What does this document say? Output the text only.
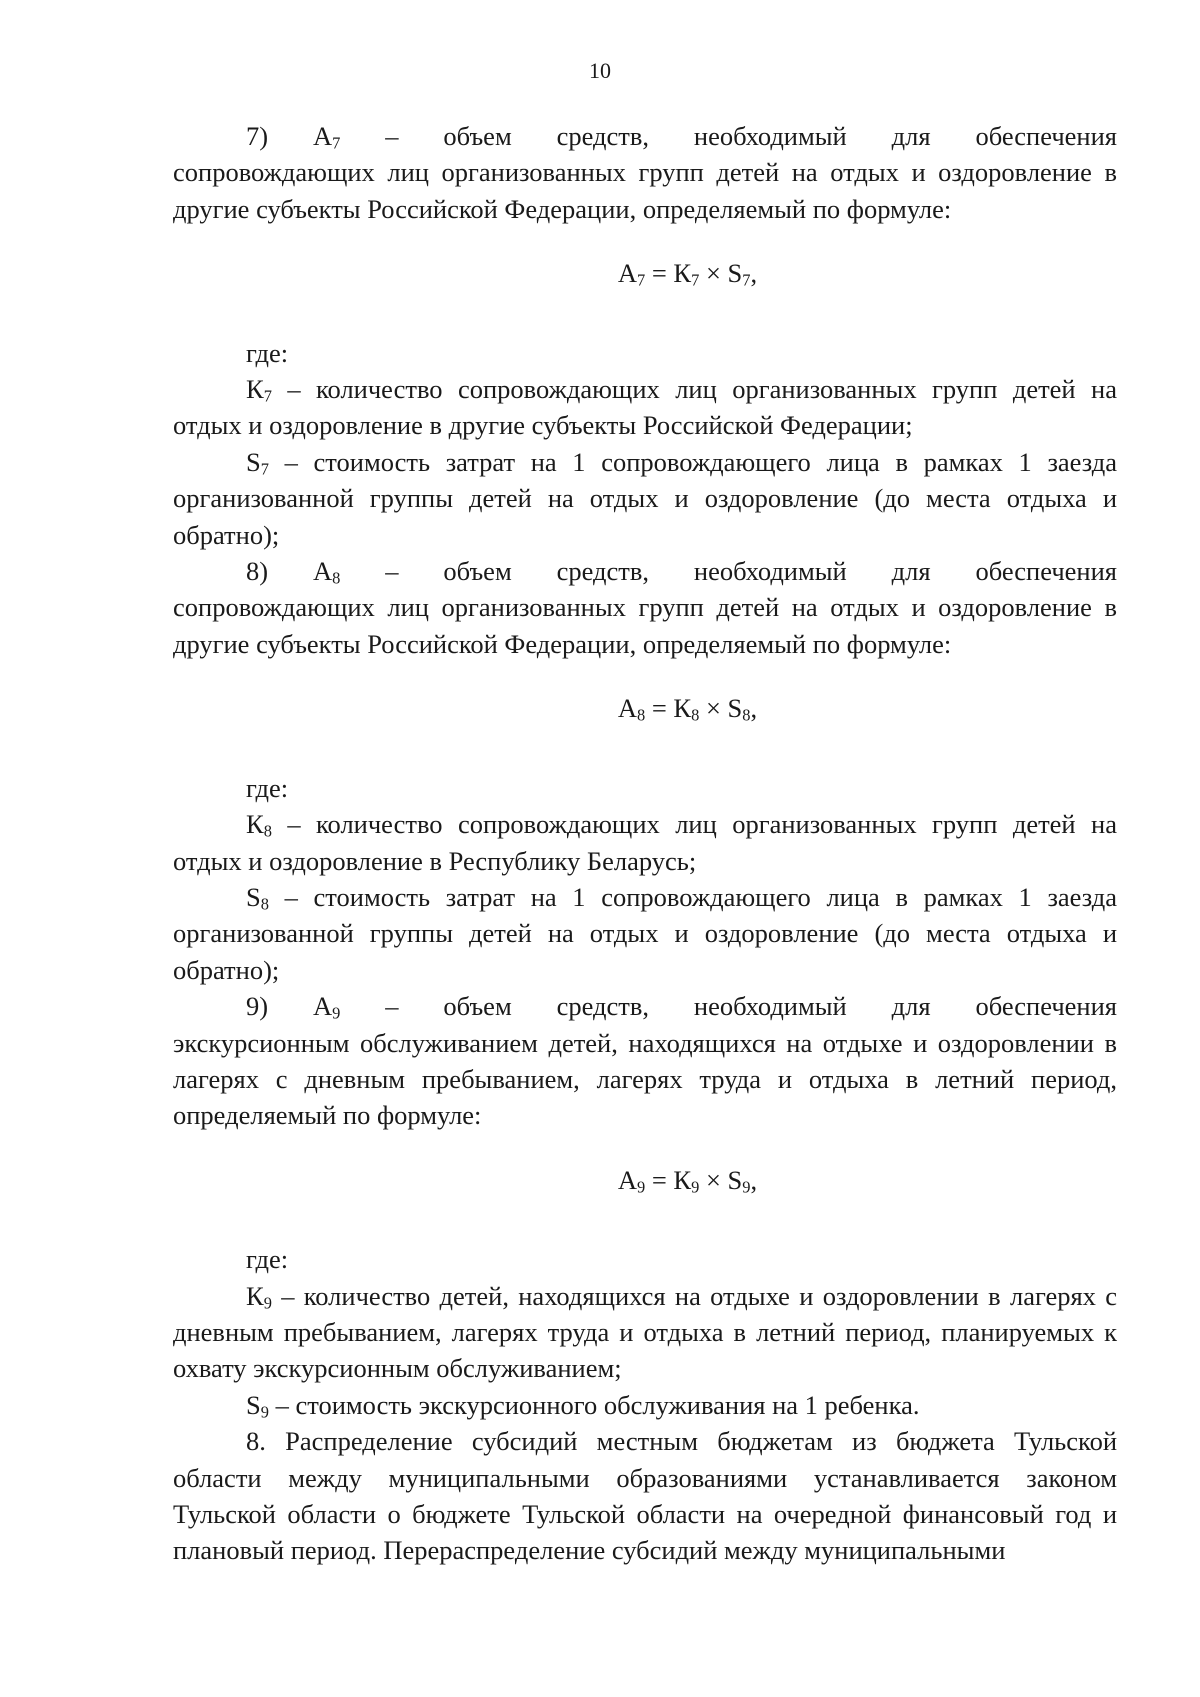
10

7) $А_7$ – объем средств, необходимый для обеспечения

сопровождающих лиц организованных групп детей на отдых и оздоровление в другие субъекты Российской Федерации, определяемый по формуле:

$А_7 = К_7 \times S_7$,

где:

$К_7$ – количество сопровождающих лиц организованных групп детей на отдых и оздоровление в другие субъекты Российской Федерации;

$S_7$ – стоимость затрат на 1 сопровождающего лица в рамках 1 заезда организованной группы детей на отдых и оздоровление (до места отдыха и обратно);

8) $А_8$ – объем средств, необходимый для обеспечения

сопровождающих лиц организованных групп детей на отдых и оздоровление в другие субъекты Российской Федерации, определяемый по формуле:

$А_8 = К_8 \times S_8$,

где:

$К_8$ – количество сопровождающих лиц организованных групп детей на отдых и оздоровление в Республику Беларусь;

$S_8$ – стоимость затрат на 1 сопровождающего лица в рамках 1 заезда организованной группы детей на отдых и оздоровление (до места отдыха и обратно);

9) $А_9$ – объем средств, необходимый для обеспечения

экскурсионным обслуживанием детей, находящихся на отдыхе и оздоровлении в лагерях с дневным пребыванием, лагерях труда и отдыха в летний период, определяемый по формуле:

$А_9 = К_9 \times S_9$,

где:

$К_9$ – количество детей, находящихся на отдыхе и оздоровлении в лагерях с дневным пребыванием, лагерях труда и отдыха в летний период, планируемых к охвату экскурсионным обслуживанием;

$S_9$ – стоимость экскурсионного обслуживания на 1 ребенка.

8. Распределение субсидий местным бюджетам из бюджета Тульской области между муниципальными образованиями устанавливается законом Тульской области о бюджете Тульской области на очередной финансовый год и плановый период. Перераспределение субсидий между муниципальными
